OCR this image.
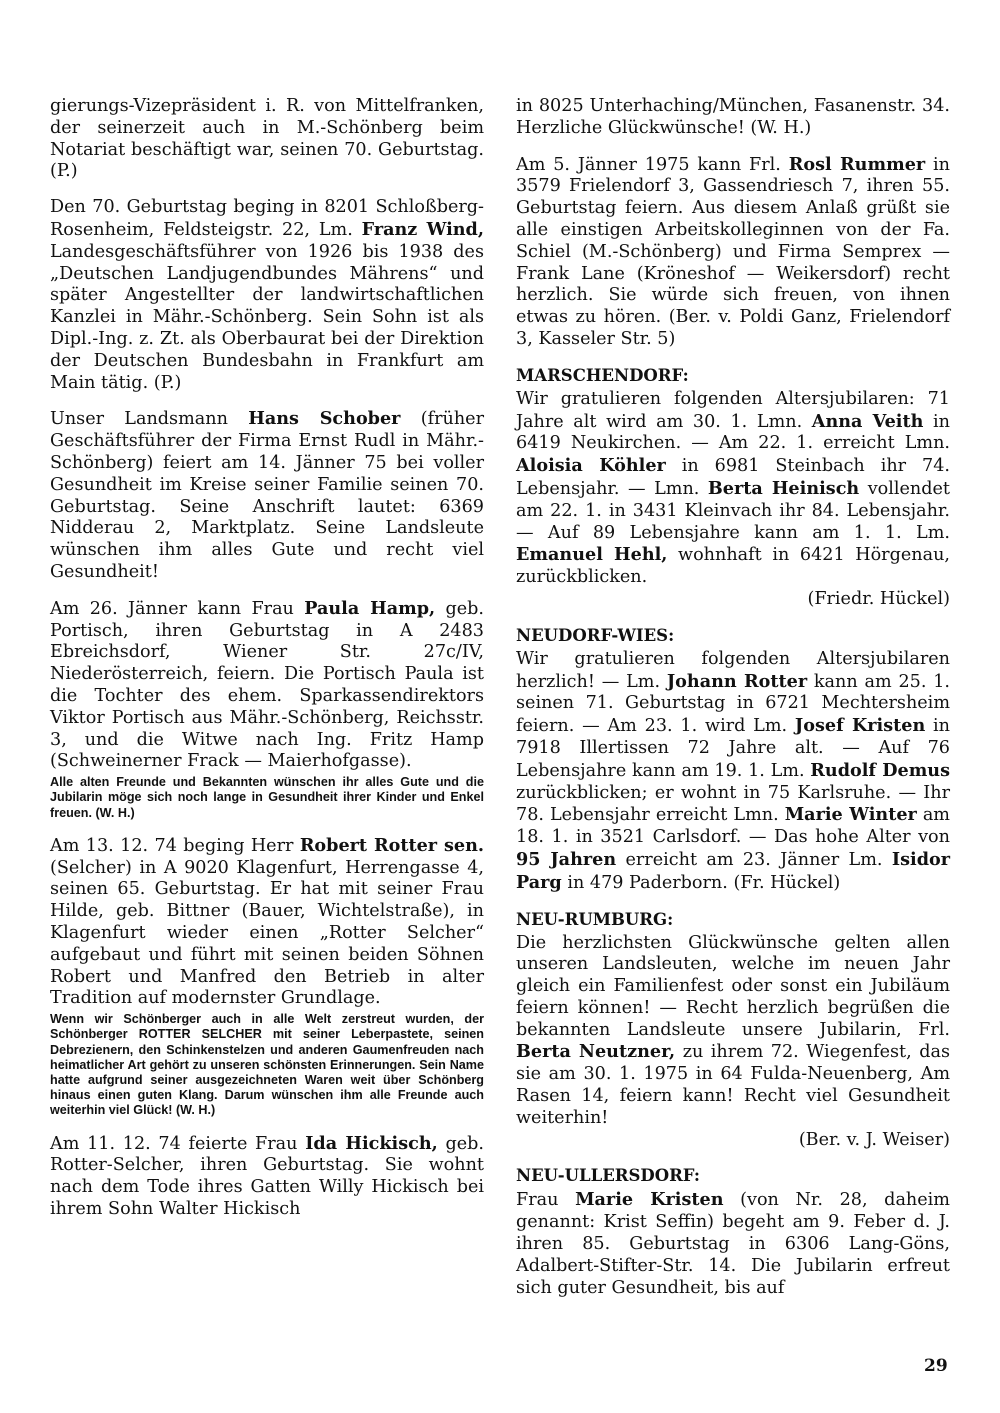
gierungs-Vizepräsident i. R. von Mittelfranken, der seinerzeit auch in M.-Schönberg beim Notariat beschäftigt war, seinen 70. Geburtstag. (P.)

Den 70. Geburtstag beging in 8201 Schloßberg-Rosenheim, Feldsteigstr. 22, Lm. Franz Wind, Landesgeschäftsführer von 1926 bis 1938 des „Deutschen Landjugendbundes Mährens“ und später Angestellter der landwirtschaftlichen Kanzlei in Mähr.-Schönberg. Sein Sohn ist als Dipl.-Ing. z. Zt. als Oberbaurat bei der Direktion der Deutschen Bundesbahn in Frankfurt am Main tätig. (P.)

Unser Landsmann Hans Schober (früher Geschäftsführer der Firma Ernst Rudl in Mähr.-Schönberg) feiert am 14. Jänner 75 bei voller Gesundheit im Kreise seiner Familie seinen 70. Geburtstag. Seine Anschrift lautet: 6369 Nidderau 2, Marktplatz. Seine Landsleute wünschen ihm alles Gute und recht viel Gesundheit!

Am 26. Jänner kann Frau Paula Hamp, geb. Portisch, ihren Geburtstag in A 2483 Ebreichsdorf, Wiener Str. 27c/IV, Niederösterreich, feiern. Die Portisch Paula ist die Tochter des ehem. Sparkassendirektors Viktor Portisch aus Mähr.-Schönberg, Reichsstr. 3, und die Witwe nach Ing. Fritz Hamp (Schweinerner Frack — Maierhofgasse).

Alle alten Freunde und Bekannten wünschen ihr alles Gute und die Jubilarin möge sich noch lange in Gesundheit ihrer Kinder und Enkel freuen. (W. H.)

Am 13. 12. 74 beging Herr Robert Rotter sen. (Selcher) in A 9020 Klagenfurt, Herrengasse 4, seinen 65. Geburtstag. Er hat mit seiner Frau Hilde, geb. Bittner (Bauer, Wichtelstraße), in Klagenfurt wieder einen „Rotter Selcher“ aufgebaut und führt mit seinen beiden Söhnen Robert und Manfred den Betrieb in alter Tradition auf modernster Grundlage.

Wenn wir Schönberger auch in alle Welt zerstreut wurden, der Schönberger ROTTER SELCHER mit seiner Leberpastete, seinen Debrezienern, den Schinkenstelzen und anderen Gaumenfreuden nach heimatlicher Art gehört zu unseren schönsten Erinnerungen. Sein Name hatte aufgrund seiner ausgezeichneten Waren weit über Schönberg hinaus einen guten Klang. Darum wünschen ihm alle Freunde auch weiterhin viel Glück! (W. H.)

Am 11. 12. 74 feierte Frau Ida Hickisch, geb. Rotter-Selcher, ihren Geburtstag. Sie wohnt nach dem Tode ihres Gatten Willy Hickisch bei ihrem Sohn Walter Hickisch

in 8025 Unterhaching/München, Fasanenstr. 34. Herzliche Glückwünsche! (W. H.)

Am 5. Jänner 1975 kann Frl. Rosl Rummer in 3579 Frielendorf 3, Gassendriesch 7, ihren 55. Geburtstag feiern. Aus diesem Anlaß grüßt sie alle einstigen Arbeitskolleginnen von der Fa. Schiel (M.-Schönberg) und Firma Semprex — Frank Lane (Kröneshof — Weikersdorf) recht herzlich. Sie würde sich freuen, von ihnen etwas zu hören. (Ber. v. Poldi Ganz, Frielendorf 3, Kasseler Str. 5)

MARSCHENDORF:

Wir gratulieren folgenden Altersjubilaren: 71 Jahre alt wird am 30. 1. Lmn. Anna Veith in 6419 Neukirchen. — Am 22. 1. erreicht Lmn. Aloisia Köhler in 6981 Steinbach ihr 74. Lebensjahr. — Lmn. Berta Heinisch vollendet am 22. 1. in 3431 Kleinvach ihr 84. Lebensjahr. — Auf 89 Lebensjahre kann am 1. 1. Lm. Emanuel Hehl, wohnhaft in 6421 Hörgenau, zurückblicken.
(Friedr. Hückel)

NEUDORF-WIES:

Wir gratulieren folgenden Altersjubilaren herzlich! — Lm. Johann Rotter kann am 25. 1. seinen 71. Geburtstag in 6721 Mechtersheim feiern. — Am 23. 1. wird Lm. Josef Kristen in 7918 Illertissen 72 Jahre alt. — Auf 76 Lebensjahre kann am 19. 1. Lm. Rudolf Demus zurückblicken; er wohnt in 75 Karlsruhe. — Ihr 78. Lebensjahr erreicht Lmn. Marie Winter am 18. 1. in 3521 Carlsdorf. — Das hohe Alter von 95 Jahren erreicht am 23. Jänner Lm. Isidor Parg in 479 Paderborn. (Fr. Hückel)

NEU-RUMBURG:

Die herzlichsten Glückwünsche gelten allen unseren Landsleuten, welche im neuen Jahr gleich ein Familienfest oder sonst ein Jubiläum feiern können! — Recht herzlich begrüßen die bekannten Landsleute unsere Jubilarin, Frl. Berta Neutzner, zu ihrem 72. Wiegenfest, das sie am 30. 1. 1975 in 64 Fulda-Neuenberg, Am Rasen 14, feiern kann! Recht viel Gesundheit weiterhin!
(Ber. v. J. Weiser)

NEU-ULLERSDORF:

Frau Marie Kristen (von Nr. 28, daheim genannt: Krist Seffin) begeht am 9. Feber d. J. ihren 85. Geburtstag in 6306 Lang-Göns, Adalbert-Stifter-Str. 14. Die Jubilarin erfreut sich guter Gesundheit, bis auf

29
